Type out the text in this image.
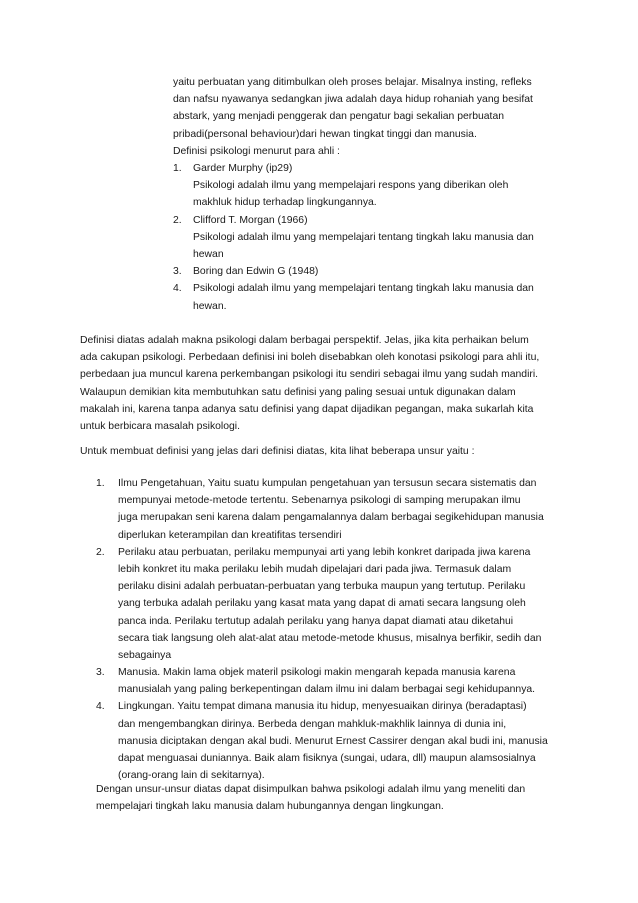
yaitu perbuatan yang ditimbulkan oleh proses belajar. Misalnya insting, refleks
dan nafsu nyawanya sedangkan jiwa adalah daya hidup rohaniah yang besifat
abstark, yang menjadi penggerak dan pengatur bagi sekalian perbuatan
pribadi(personal behaviour)dari hewan tingkat tinggi dan manusia.
Definisi psikologi menurut para ahli :
1. Garder Murphy (ip29)
Psikologi adalah ilmu yang mempelajari respons yang diberikan oleh
makhluk hidup terhadap lingkungannya.
2. Clifford T. Morgan (1966)
Psikologi adalah ilmu yang mempelajari tentang tingkah laku manusia dan
hewan
3. Boring dan Edwin G (1948)
4. Psikologi adalah ilmu yang mempelajari tentang tingkah laku manusia dan
hewan.
Definisi diatas adalah makna psikologi dalam berbagai perspektif. Jelas, jika kita perhaikan belum
ada cakupan psikologi. Perbedaan definisi ini boleh disebabkan oleh konotasi psikologi para ahli itu,
perbedaan jua muncul karena perkembangan psikologi itu sendiri sebagai ilmu yang sudah mandiri.
Walaupun demikian kita membutuhkan satu definisi yang paling sesuai untuk digunakan dalam
makalah ini, karena tanpa adanya satu definisi yang dapat dijadikan pegangan, maka sukarlah kita
untuk berbicara masalah psikologi.
Untuk membuat definisi yang jelas dari definisi diatas, kita lihat beberapa unsur yaitu :
1. Ilmu Pengetahuan, Yaitu suatu kumpulan pengetahuan yan tersusun secara sistematis dan
mempunyai metode-metode tertentu. Sebenarnya psikologi di samping merupakan ilmu
juga merupakan seni karena dalam pengamalannya dalam berbagai segikehidupan manusia
diperlukan keterampilan dan kreatifitas tersendiri
2. Perilaku atau perbuatan, perilaku mempunyai arti yang lebih konkret daripada jiwa karena
lebih konkret itu maka perilaku lebih mudah dipelajari dari pada jiwa. Termasuk dalam
perilaku disini adalah perbuatan-perbuatan yang terbuka maupun yang tertutup. Perilaku
yang terbuka adalah perilaku yang kasat mata yang dapat di amati secara langsung oleh
panca inda. Perilaku tertutup adalah perilaku yang hanya dapat diamati atau diketahui
secara tiak langsung oleh alat-alat atau metode-metode khusus, misalnya berfikir, sedih dan
sebagainya
3. Manusia. Makin lama objek materil psikologi makin mengarah kepada manusia karena
manusialah yang paling berkepentingan dalam ilmu ini dalam berbagai segi kehidupannya.
4. Lingkungan. Yaitu tempat dimana manusia itu hidup, menyesuaikan dirinya (beradaptasi)
dan mengembangkan dirinya. Berbeda dengan mahkluk-makhlik lainnya di dunia ini,
manusia diciptakan dengan akal budi. Menurut Ernest Cassirer dengan akal budi ini, manusia
dapat menguasai duniannya. Baik alam fisiknya (sungai, udara, dll) maupun alamsosialnya
(orang-orang lain di sekitarnya).
Dengan unsur-unsur diatas dapat disimpulkan bahwa psikologi adalah ilmu yang meneliti dan
mempelajari tingkah laku manusia dalam hubungannya dengan lingkungan.
